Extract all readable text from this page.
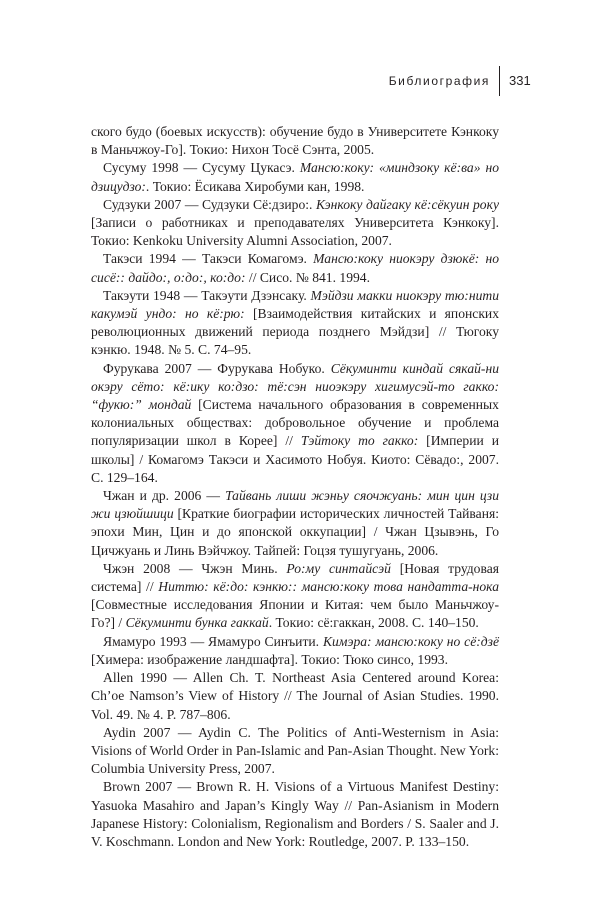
Библиография 331

ского будо (боевых искусств): обучение будо в Университете Кэнкоку в Маньчжоу-Го]. Токио: Нихон Тосё Сэнта, 2005.

Сусуму 1998 — Сусуму Цукасэ. Мансю:коку: «миндзоку кё:ва» но дзицудзо:. Токио: Ёсикава Хиробуми кан, 1998.

Судзуки 2007 — Судзуки Сё:дзиро:. Кэнкоку дайгаку кё:сёкуин року [Записи о работниках и преподавателях Университета Кэнкоку]. Токио: Kenkoku University Alumni Association, 2007.

Такэси 1994 — Такэси Комагомэ. Мансю:коку ниокэру дзюкё: но сисё:: дайдо:, о:до:, ко:до: // Сисо. № 841. 1994.

Такэути 1948 — Такэути Дзэнсаку. Мэйдзи макки ниокэру тю:нити какумэй ундо: но кё:рю: [Взаимодействия китайских и японских революционных движений периода позднего Мэйдзи] // Тюгоку кэнкю. 1948. № 5. С. 74–95.

Фурукава 2007 — Фурукава Нобуко. Сёкуминти киндай сякай-ни окэру сёто: кё:ику ко:дзо: тё:сэн ниоэкэру хигимусэй-то гакко: “фукю:” мондай [Система начального образования в современных колониальных обществах: добровольное обучение и проблема популяризации школ в Корее] // Тэйтоку то гакко: [Империи и школы] / Комагомэ Такэси и Хасимото Нобуя. Киото: Сёвадо:, 2007. С. 129–164.

Чжан и др. 2006 — Тайвань лиши жэньу сяочжуань: мин цин цзи жи цзюйшици [Краткие биографии исторических личностей Тайваня: эпохи Мин, Цин и до японской оккупации] / Чжан Цзывэнь, Го Цичжуань и Линь Вэйчжоу. Тайпей: Гоцзя тушугуань, 2006.

Чжэн 2008 — Чжэн Минь. Ро:му синтайсэй [Новая трудовая система] // Ниттю: кё:до: кэнкю:: мансю:коку това нандатта-нока [Совместные исследования Японии и Китая: чем было Маньчжоу-Го?] / Сёкуминти бунка гаккай. Токио: сё:гаккан, 2008. С. 140–150.

Ямамуро 1993 — Ямамуро Синъити. Кимэра: мансю:коку но сё:дзё [Химера: изображение ландшафта]. Токио: Тюко синсо, 1993.

Allen 1990 — Allen Ch. T. Northeast Asia Centered around Korea: Ch’oe Namson’s View of History // The Journal of Asian Studies. 1990. Vol. 49. № 4. P. 787–806.

Aydin 2007 — Aydin C. The Politics of Anti-Westernism in Asia: Visions of World Order in Pan-Islamic and Pan-Asian Thought. New York: Columbia University Press, 2007.

Brown 2007 — Brown R. H. Visions of a Virtuous Manifest Destiny: Yasuoka Masahiro and Japan’s Kingly Way // Pan-Asianism in Modern Japanese History: Colonialism, Regionalism and Borders / S. Saaler and J. V. Koschmann. London and New York: Routledge, 2007. P. 133–150.
